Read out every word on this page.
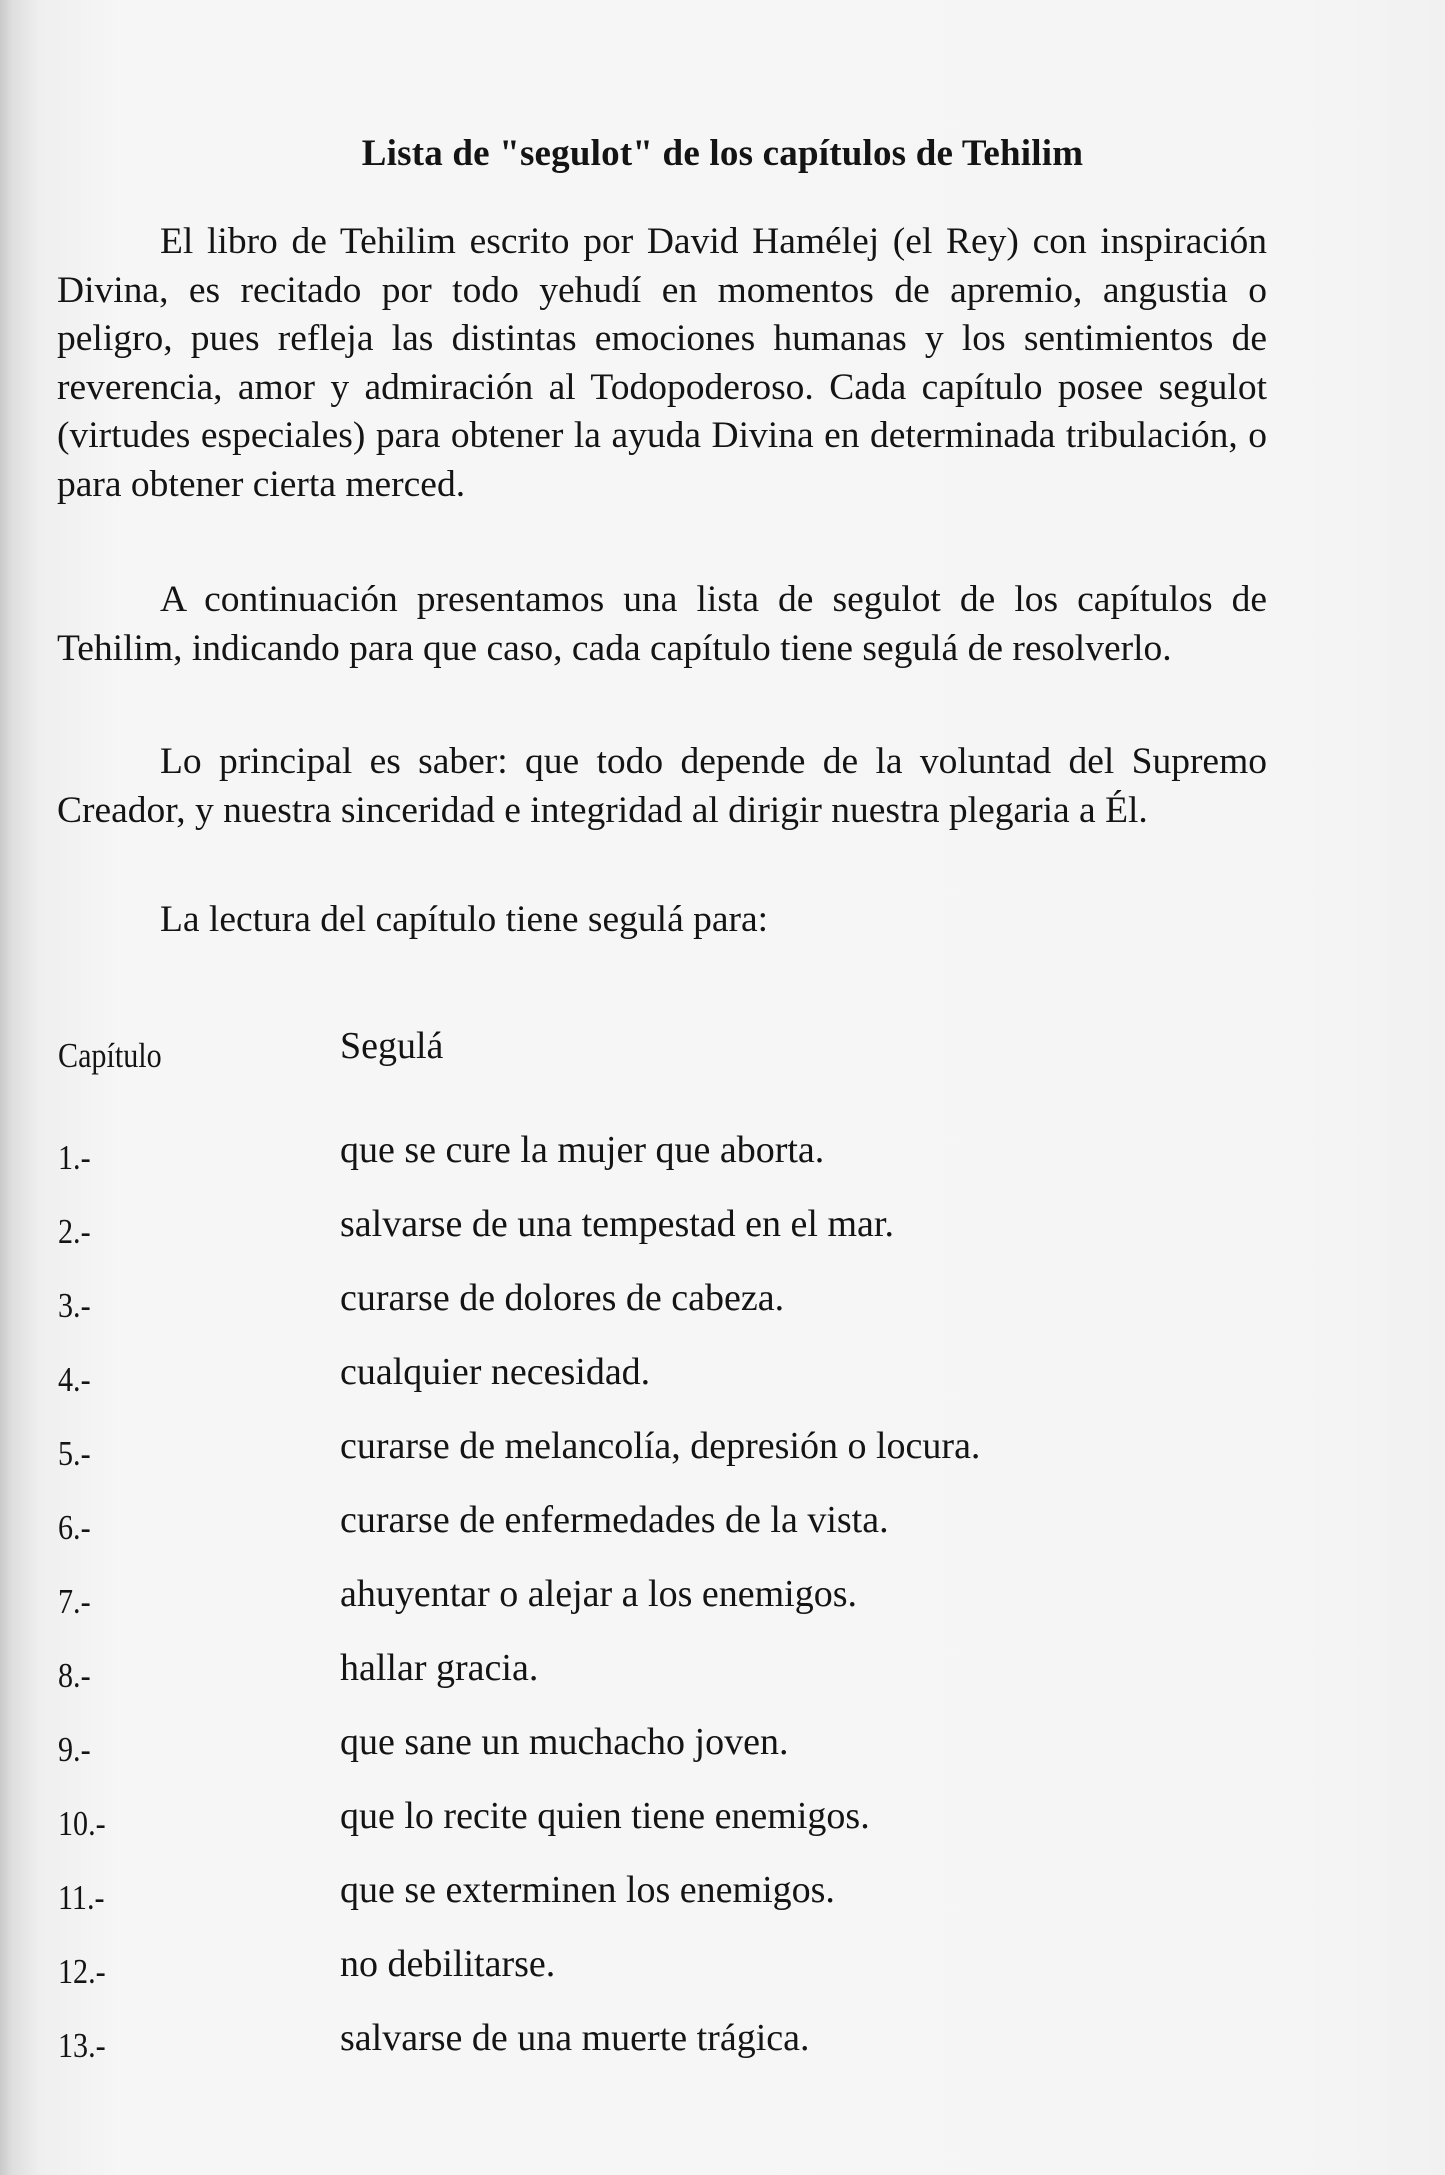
Lista de "segulot" de los capítulos de Tehilim
El libro de Tehilim escrito por David Hamélej (el Rey) con inspiración Divina, es recitado por todo yehudí en momentos de apremio, angustia o peligro, pues refleja las distintas emociones humanas y los sentimientos de reverencia, amor y admiración al Todopoderoso. Cada capítulo posee segulot (virtudes especiales) para obtener la ayuda Divina en determinada tribulación, o para obtener cierta merced.
A continuación presentamos una lista de segulot de los capítulos de Tehilim, indicando para que caso, cada capítulo tiene segulá de resolverlo.
Lo principal es saber: que todo depende de la voluntad del Supremo Creador, y nuestra sinceridad e integridad al dirigir nuestra plegaria a Él.
La lectura del capítulo tiene segulá para:
Capítulo	Segulá
1.-	que se cure la mujer que aborta.
2.-	salvarse de una tempestad en el mar.
3.-	curarse de dolores de cabeza.
4.-	cualquier necesidad.
5.-	curarse de melancolía, depresión o locura.
6.-	curarse de enfermedades de la vista.
7.-	ahuyentar o alejar a los enemigos.
8.-	hallar gracia.
9.-	que sane un muchacho joven.
10.-	que lo recite quien tiene enemigos.
11.-	que se exterminen los enemigos.
12.-	no debilitarse.
13.-	salvarse de una muerte trágica.
